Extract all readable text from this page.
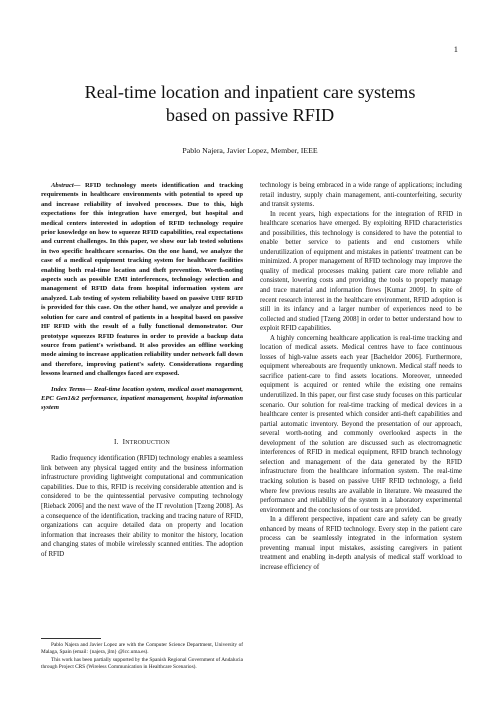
1
Real-time location and inpatient care systems
based on passive RFID
Pablo Najera, Javier Lopez, Member, IEEE

Abstract— RFID technology meets identification and tracking requirements in healthcare environments with potential to speed up and increase reliability of involved processes. Due to this, high expectations for this integration have emerged, but hospital and medical centers interested in adoption of RFID technology require prior knowledge on how to squeeze RFID capabilities, real expectations and current challenges. In this paper, we show our lab tested solutions in two specific healthcare scenarios. On the one hand, we analyze the case of a medical equipment tracking system for healthcare facilities enabling both real-time location and theft prevention. Worth-noting aspects such as possible EMI interferences, technology selection and management of RFID data from hospital information system are analyzed. Lab testing of system reliability based on passive UHF RFID is provided for this case. On the other hand, we analyze and provide a solution for care and control of patients in a hospital based on passive HF RFID with the result of a fully functional demonstrator. Our prototype squeezes RFID features in order to provide a backup data source from patient's wristband. It also provides an offline working mode aiming to increase application reliability under network fall down and therefore, improving patient's safety. Considerations regarding lessons learned and challenges faced are exposed.

Index Terms— Real-time location system, medical asset management, EPC Gen1&2 performance, inpatient management, hospital information system

I. INTRODUCTION

Radio frequency identification (RFID) technology enables a seamless link between any physical tagged entity and the business information infrastructure providing lightweight computational and communication capabilities. Due to this, RFID is receiving considerable attention and is considered to be the quintessential pervasive computing technology [Rieback 2006] and the next wave of the IT revolution [Tzeng 2008]. As a consequence of the identification, tracking and tracing nature of RFID, organizations can acquire detailed data on property and location information that increases their ability to monitor the history, location and changing states of mobile wirelessly scanned entities. The adoption of RFID

Pablo Najera and Javier Lopez are with the Computer Science Department, University of Malaga, Spain (email: {najera, jlm} @lcc.uma.es).

This work has been partially supported by the Spanish Regional Government of Andalucia through Project CRS (Wireless Communication in Healthcare Scenarios).

technology is being embraced in a wide range of applications; including retail industry, supply chain management, anti-counterfeiting, security and transit systems.

In recent years, high expectations for the integration of RFID in healthcare scenarios have emerged. By exploiting RFID characteristics and possibilities, this technology is considered to have the potential to enable better service to patients and end customers while underutilization of equipment and mistakes in patients' treatment can be minimized. A proper management of RFID technology may improve the quality of medical processes making patient care more reliable and consistent, lowering costs and providing the tools to properly manage and trace material and information flows [Kumar 2009]. In spite of recent research interest in the healthcare environment, RFID adoption is still in its infancy and a larger number of experiences need to be collected and studied [Tzeng 2008] in order to better understand how to exploit RFID capabilities.

A highly concerning healthcare application is real-time tracking and location of medical assets. Medical centres have to face continuous losses of high-value assets each year [Bacheldor 2006]. Furthermore, equipment whereabouts are frequently unknown. Medical staff needs to sacrifice patient-care to find assets locations. Moreover, unneeded equipment is acquired or rented while the existing one remains underutilized. In this paper, our first case study focuses on this particular scenario. Our solution for real-time tracking of medical devices in a healthcare center is presented which consider anti-theft capabilities and partial automatic inventory. Beyond the presentation of our approach, several worth-noting and commonly overlooked aspects in the development of the solution are discussed such as electromagnetic interferences of RFID in medical equipment, RFID branch technology selection and management of the data generated by the RFID infrastructure from the healthcare information system. The real-time tracking solution is based on passive UHF RFID technology, a field where few previous results are available in literature. We measured the performance and reliability of the system in a laboratory experimental environment and the conclusions of our tests are provided.

In a different perspective, inpatient care and safety can be greatly enhanced by means of RFID technology. Every step in the patient care process can be seamlessly integrated in the information system preventing manual input mistakes, assisting caregivers in patient treatment and enabling in-depth analysis of medical staff workload to increase efficiency of
